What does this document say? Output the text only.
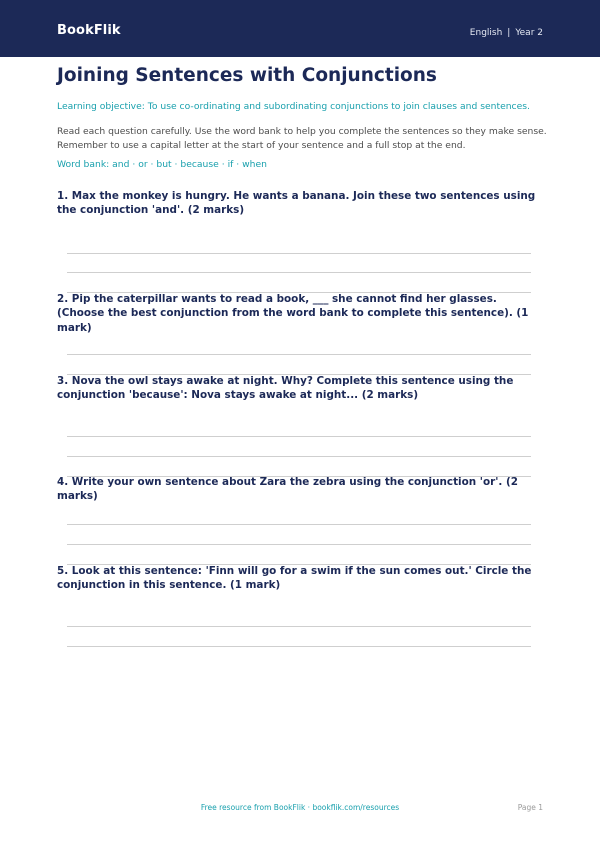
BookFlik	English | Year 2
Joining Sentences with Conjunctions
Learning objective: To use co-ordinating and subordinating conjunctions to join clauses and sentences.
Read each question carefully. Use the word bank to help you complete the sentences so they make sense. Remember to use a capital letter at the start of your sentence and a full stop at the end.
Word bank: and · or · but · because · if · when
1. Max the monkey is hungry. He wants a banana. Join these two sentences using the conjunction 'and'. (2 marks)
2. Pip the caterpillar wants to read a book, ___ she cannot find her glasses. (Choose the best conjunction from the word bank to complete this sentence). (1 mark)
3. Nova the owl stays awake at night. Why? Complete this sentence using the conjunction 'because': Nova stays awake at night... (2 marks)
4. Write your own sentence about Zara the zebra using the conjunction 'or'. (2 marks)
5. Look at this sentence: 'Finn will go for a swim if the sun comes out.' Circle the conjunction in this sentence. (1 mark)
Free resource from BookFlik · bookflik.com/resources	Page 1
